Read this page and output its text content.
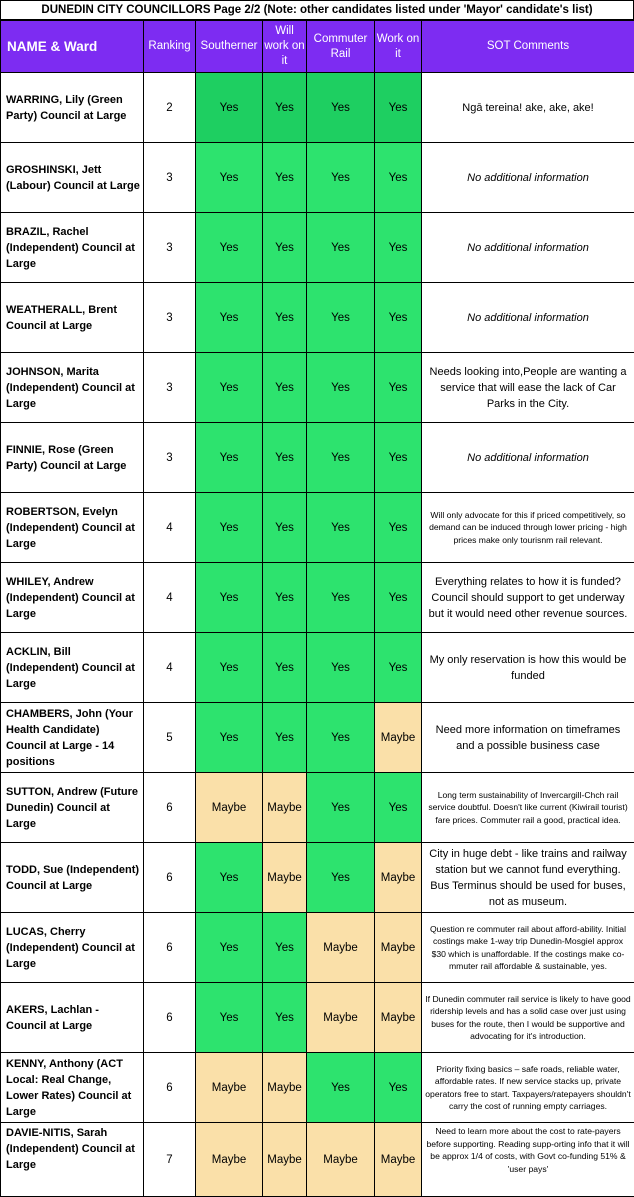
DUNEDIN CITY COUNCILLORS Page 2/2 (Note: other candidates listed under 'Mayor' candidate's list)
NAME & Ward	Ranking	Southerner	Will work on it	Commuter Rail	Work on it	SOT Comments
WARRING, Lily (Green Party) Council at Large	2	Yes	Yes	Yes	Yes	Ngā tereina! ake, ake, ake!
GROSHINSKI, Jett (Labour) Council at Large	3	Yes	Yes	Yes	Yes	No additional information
BRAZIL, Rachel (Independent) Council at Large	3	Yes	Yes	Yes	Yes	No additional information
WEATHERALL, Brent Council at Large	3	Yes	Yes	Yes	Yes	No additional information
JOHNSON, Marita (Independent) Council at Large	3	Yes	Yes	Yes	Yes	Needs looking into,People are wanting a service that will ease the lack of Car Parks in the City.
FINNIE, Rose (Green Party) Council at Large	3	Yes	Yes	Yes	Yes	No additional information
ROBERTSON, Evelyn (Independent) Council at Large	4	Yes	Yes	Yes	Yes	Will only advocate for this if priced competitively, so demand can be induced through lower pricing - high prices make only tourisnm rail relevant.
WHILEY, Andrew (Independent) Council at Large	4	Yes	Yes	Yes	Yes	Everything relates to how it is funded? Council should support to get underway but it would need other revenue sources.
ACKLIN, Bill (Independent) Council at Large	4	Yes	Yes	Yes	Yes	My only reservation is how this would be funded
CHAMBERS, John (Your Health Candidate) Council at Large - 14 positions	5	Yes	Yes	Yes	Maybe	Need more information on timeframes and a possible business case
SUTTON, Andrew (Future Dunedin) Council at Large	6	Maybe	Maybe	Yes	Yes	Long term sustainability of Invercargill-Chch rail service doubtful. Doesn't like current (Kiwirail tourist) fare prices. Commuter rail a good, practical idea.
TODD, Sue (Independent) Council at Large	6	Yes	Maybe	Yes	Maybe	City in huge debt - like trains and railway station but we cannot fund everything. Bus Terminus should be used for buses, not as museum.
LUCAS, Cherry (Independent) Council at Large	6	Yes	Yes	Maybe	Maybe	Question re commuter rail about afford-ability. Initial costings make 1-way trip Dunedin-Mosgiel approx $30 which is unaffordable. If the costings make co-mmuter rail affordable & sustainable, yes.
AKERS, Lachlan - Council at Large	6	Yes	Yes	Maybe	Maybe	If Dunedin commuter rail service is likely to have good ridership levels and has a solid case over just using buses for the route, then I would be supportive and advocating for it's introduction.
KENNY, Anthony (ACT Local: Real Change, Lower Rates) Council at Large	6	Maybe	Maybe	Yes	Yes	Priority fixing basics – safe roads, reliable water, affordable rates. If new service stacks up, private operators free to start. Taxpayers/ratepayers shouldn't carry the cost of running empty carriages.
DAVIE-NITIS, Sarah (Independent) Council at Large	7	Maybe	Maybe	Maybe	Maybe	Need to learn more about the cost to rate-payers before supporting. Reading supp-orting info that it will be approx 1/4 of costs, with Govt co-funding 51% & 'user pays'
